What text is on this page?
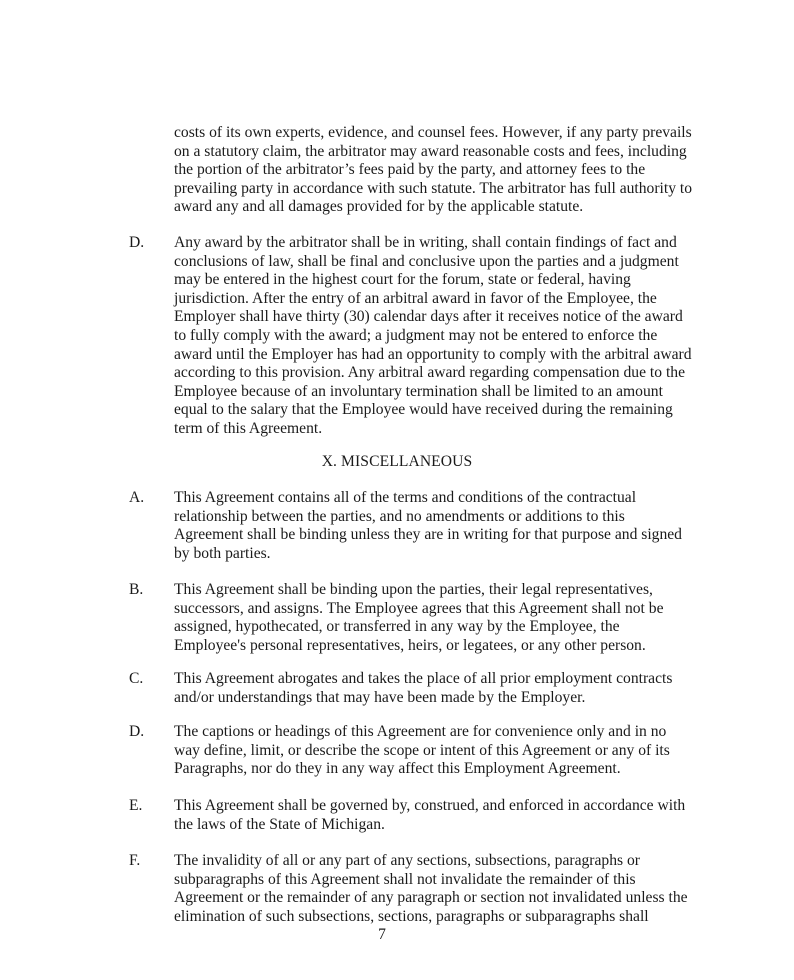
costs of its own experts, evidence, and counsel fees. However, if any party prevails on a statutory claim, the arbitrator may award reasonable costs and fees, including the portion of the arbitrator’s fees paid by the party, and attorney fees to the prevailing party in accordance with such statute. The arbitrator has full authority to award any and all damages provided for by the applicable statute.
D. Any award by the arbitrator shall be in writing, shall contain findings of fact and conclusions of law, shall be final and conclusive upon the parties and a judgment may be entered in the highest court for the forum, state or federal, having jurisdiction. After the entry of an arbitral award in favor of the Employee, the Employer shall have thirty (30) calendar days after it receives notice of the award to fully comply with the award; a judgment may not be entered to enforce the award until the Employer has had an opportunity to comply with the arbitral award according to this provision. Any arbitral award regarding compensation due to the Employee because of an involuntary termination shall be limited to an amount equal to the salary that the Employee would have received during the remaining term of this Agreement.
X. MISCELLANEOUS
A. This Agreement contains all of the terms and conditions of the contractual relationship between the parties, and no amendments or additions to this Agreement shall be binding unless they are in writing for that purpose and signed by both parties.
B. This Agreement shall be binding upon the parties, their legal representatives, successors, and assigns. The Employee agrees that this Agreement shall not be assigned, hypothecated, or transferred in any way by the Employee, the Employee's personal representatives, heirs, or legatees, or any other person.
C. This Agreement abrogates and takes the place of all prior employment contracts and/or understandings that may have been made by the Employer.
D. The captions or headings of this Agreement are for convenience only and in no way define, limit, or describe the scope or intent of this Agreement or any of its Paragraphs, nor do they in any way affect this Employment Agreement.
E. This Agreement shall be governed by, construed, and enforced in accordance with the laws of the State of Michigan.
F. The invalidity of all or any part of any sections, subsections, paragraphs or subparagraphs of this Agreement shall not invalidate the remainder of this Agreement or the remainder of any paragraph or section not invalidated unless the elimination of such subsections, sections, paragraphs or subparagraphs shall
7
